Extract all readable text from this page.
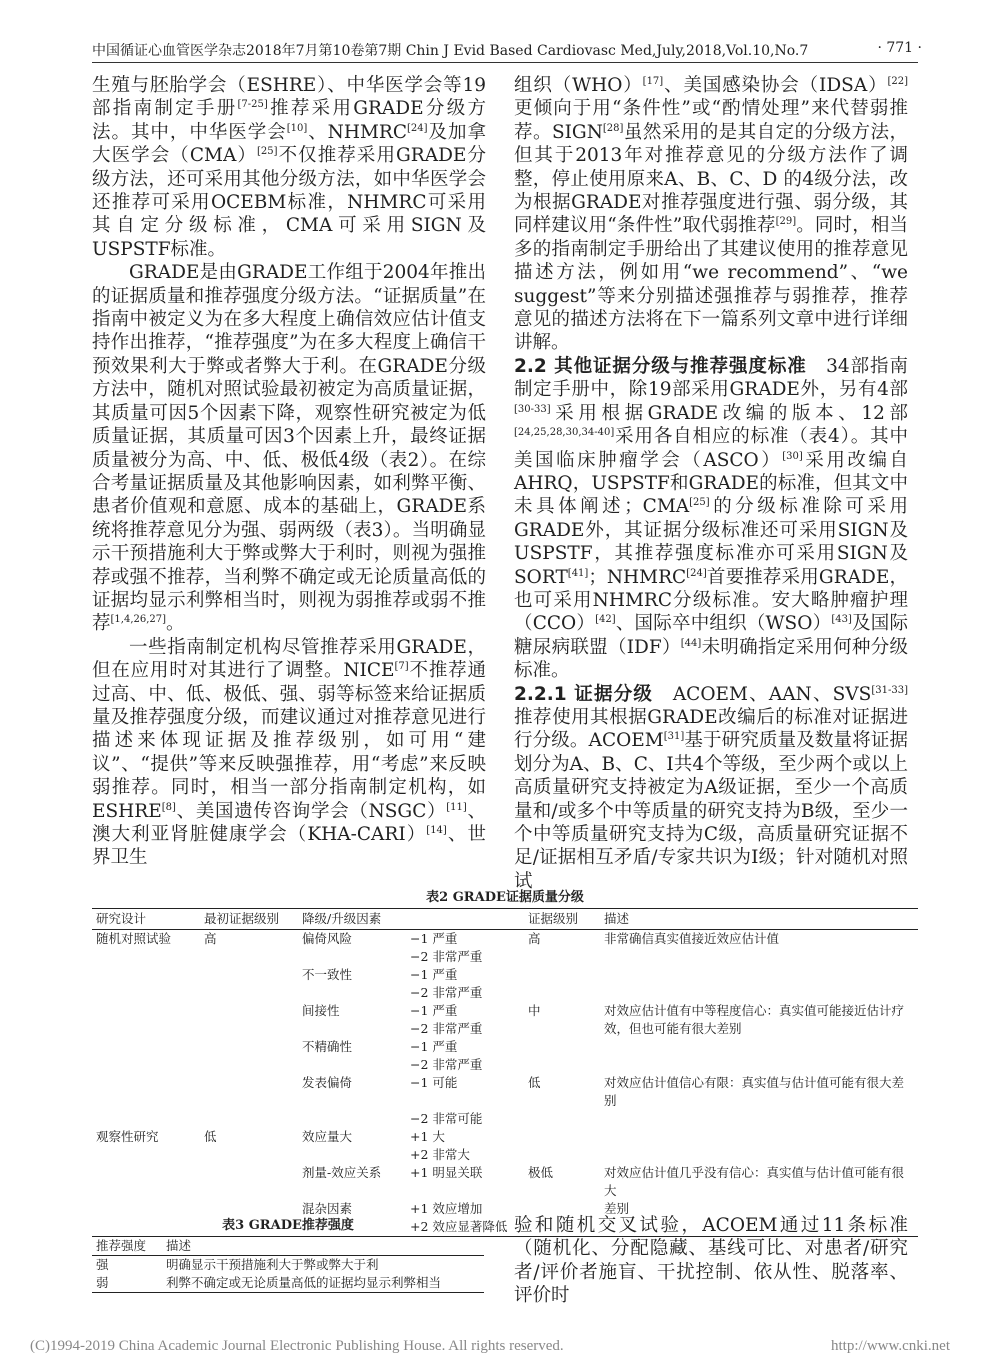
中国循证心血管医学杂志2018年7月第10卷第7期 Chin J Evid Based Cardiovasc Med,July,2018,Vol.10,No.7	· 771 ·

生殖与胚胎学会（ESHRE）、中华医学会等19部指南制定手册[7-25]推荐采用GRADE分级方法。其中，中华医学会[10]、NHMRC[24]及加拿大医学会（CMA）[25]不仅推荐采用GRADE分级方法，还可采用其他分级方法，如中华医学会还推荐可采用OCEBM标准，NHMRC可采用其自定分级标准，CMA可采用SIGN及USPSTF标准。

GRADE是由GRADE工作组于2004年推出的证据质量和推荐强度分级方法。“证据质量”在指南中被定义为在多大程度上确信效应估计值支持作出推荐，“推荐强度”为在多大程度上确信干预效果利大于弊或者弊大于利。在GRADE分级方法中，随机对照试验最初被定为高质量证据，其质量可因5个因素下降，观察性研究被定为低质量证据，其质量可因3个因素上升，最终证据质量被分为高、中、低、极低4级（表2）。在综合考量证据质量及其他影响因素，如利弊平衡、患者价值观和意愿、成本的基础上，GRADE系统将推荐意见分为强、弱两级（表3）。当明确显示干预措施利大于弊或弊大于利时，则视为强推荐或强不推荐，当利弊不确定或无论质量高低的证据均显示利弊相当时，则视为弱推荐或弱不推荐[1,4,26,27]。

一些指南制定机构尽管推荐采用GRADE，但在应用时对其进行了调整。NICE[7]不推荐通过高、中、低、极低、强、弱等标签来给证据质量及推荐强度分级，而建议通过对推荐意见进行描述来体现证据及推荐级别，如可用“建议”、“提供”等来反映强推荐，用“考虑”来反映弱推荐。同时，相当一部分指南制定机构，如ESHRE[8]、美国遗传咨询学会（NSGC）[11]、澳大利亚肾脏健康学会（KHA-CARI）[14]、世界卫生

组织（WHO）[17]、美国感染协会（IDSA）[22]更倾向于用“条件性”或“酌情处理”来代替弱推荐。SIGN[28]虽然采用的是其自定的分级方法，但其于2013年对推荐意见的分级方法作了调整，停止使用原来A、B、C、D 的4级分法，改为根据GRADE对推荐强度进行强、弱分级，其同样建议用“条件性”取代弱推荐[29]。同时，相当多的指南制定手册给出了其建议使用的推荐意见描述方法，例如用“we recommend”、“we suggest”等来分别描述强推荐与弱推荐，推荐意见的描述方法将在下一篇系列文章中进行详细讲解。

2.2 其他证据分级与推荐强度标准　 34部指南制定手册中，除19部采用GRADE外，另有4部[30-33]采用根据GRADE改编的版本、12部[24,25,28,30,34-40]采用各自相应的标准（表4）。其中美国临床肿瘤学会（ASCO）[30]采用改编自AHRQ，USPSTF和GRADE的标准，但其文中未具体阐述；CMA[25]的分级标准除可采用GRADE外，其证据分级标准还可采用SIGN及USPSTF，其推荐强度标准亦可采用SIGN及SORT[41]；NHMRC[24]首要推荐采用GRADE，也可采用NHMRC分级标准。安大略肿瘤护理（CCO）[42]、国际卒中组织（WSO）[43]及国际糖尿病联盟（IDF）[44]未明确指定采用何种分级标准。

2.2.1 证据分级　 ACOEM、AAN、SVS[31-33]推荐使用其根据GRADE改编后的标准对证据进行分级。ACOEM[31]基于研究质量及数量将证据划分为A、B、C、I共4个等级，至少两个或以上高质量研究支持被定为A级证据，至少一个高质量和/或多个中等质量的研究支持为B级，至少一个中等质量研究支持为C级，高质量研究证据不足/证据相互矛盾/专家共识为Ⅰ级；针对随机对照试

表2 GRADE证据质量分级
研究设计	最初证据级别	降级/升级因素		证据级别	描述
随机对照试验	高	偏倚风险	−1 严重	高	非常确信真实值接近效应估计值
			−2 非常严重		
		不一致性	−1 严重		
			−2 非常严重		
		间接性	−1 严重	中	对效应估计值有中等程度信心：真实值可能接近估计疗
			−2 非常严重		效，但也可能有很大差别
		不精确性	−1 严重		
			−2 非常严重		
		发表偏倚	−1 可能	低	对效应估计值信心有限：真实值与估计值可能有很大差别
			−2 非常可能		
观察性研究	低	效应量大	+1 大		
			+2 非常大		
		剂量-效应关系	+1 明显关联	极低	对效应估计值几乎没有信心：真实值与估计值可能有很大
		混杂因素	+1 效应增加		差别
			+2 效应显著降低		
表3 GRADE推荐强度
推荐强度	描述
强	明确显示干预措施利大于弊或弊大于利
弱	利弊不确定或无论质量高低的证据均显示利弊相当

验和随机交叉试验，ACOEM通过11条标准（随机化、分配隐藏、基线可比、对患者/研究者/评价者施盲、干扰控制、依从性、脱落率、评价时

(C)1994-2019 China Academic Journal Electronic Publishing House. All rights reserved.	http://www.cnki.net
